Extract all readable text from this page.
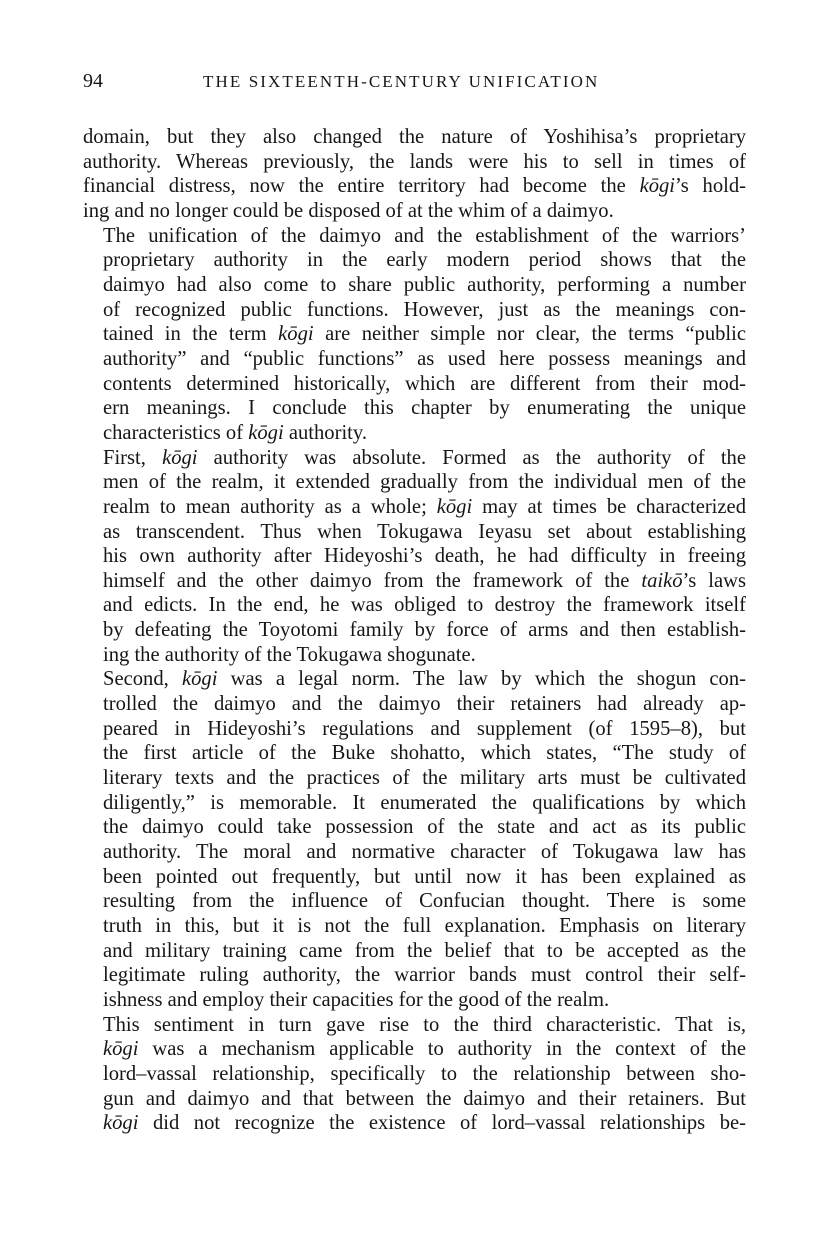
94	THE SIXTEENTH-CENTURY UNIFICATION

domain, but they also changed the nature of Yoshihisa’s proprietary
authority. Whereas previously, the lands were his to sell in times of
financial distress, now the entire territory had become the kōgi’s hold-
ing and no longer could be disposed of at the whim of a daimyo.

The unification of the daimyo and the establishment of the warriors’
proprietary authority in the early modern period shows that the
daimyo had also come to share public authority, performing a number
of recognized public functions. However, just as the meanings con-
tained in the term kōgi are neither simple nor clear, the terms “public
authority” and “public functions” as used here possess meanings and
contents determined historically, which are different from their mod-
ern meanings. I conclude this chapter by enumerating the unique
characteristics of kōgi authority.

First, kōgi authority was absolute. Formed as the authority of the
men of the realm, it extended gradually from the individual men of the
realm to mean authority as a whole; kōgi may at times be characterized
as transcendent. Thus when Tokugawa Ieyasu set about establishing
his own authority after Hideyoshi’s death, he had difficulty in freeing
himself and the other daimyo from the framework of the taikō’s laws
and edicts. In the end, he was obliged to destroy the framework itself
by defeating the Toyotomi family by force of arms and then establish-
ing the authority of the Tokugawa shogunate.

Second, kōgi was a legal norm. The law by which the shogun con-
trolled the daimyo and the daimyo their retainers had already ap-
peared in Hideyoshi’s regulations and supplement (of 1595–8), but
the first article of the Buke shohatto, which states, “The study of
literary texts and the practices of the military arts must be cultivated
diligently,” is memorable. It enumerated the qualifications by which
the daimyo could take possession of the state and act as its public
authority. The moral and normative character of Tokugawa law has
been pointed out frequently, but until now it has been explained as
resulting from the influence of Confucian thought. There is some
truth in this, but it is not the full explanation. Emphasis on literary
and military training came from the belief that to be accepted as the
legitimate ruling authority, the warrior bands must control their self-
ishness and employ their capacities for the good of the realm.

This sentiment in turn gave rise to the third characteristic. That is,
kōgi was a mechanism applicable to authority in the context of the
lord–vassal relationship, specifically to the relationship between sho-
gun and daimyo and that between the daimyo and their retainers. But
kōgi did not recognize the existence of lord–vassal relationships be-
